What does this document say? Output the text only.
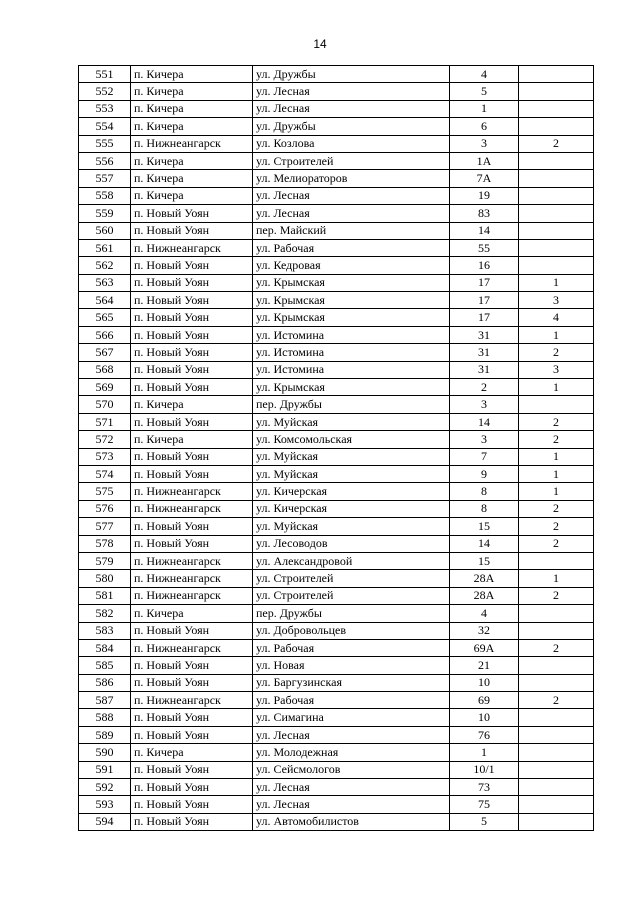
14
551	п. Кичера	ул. Дружбы	4	
552	п. Кичера	ул. Лесная	5	
553	п. Кичера	ул. Лесная	1	
554	п. Кичера	ул. Дружбы	6	
555	п. Нижнеангарск	ул. Козлова	3	2
556	п. Кичера	ул. Строителей	1А	
557	п. Кичера	ул. Мелиораторов	7А	
558	п. Кичера	ул. Лесная	19	
559	п. Новый Уоян	ул. Лесная	83	
560	п. Новый Уоян	пер. Майский	14	
561	п. Нижнеангарск	ул. Рабочая	55	
562	п. Новый Уоян	ул. Кедровая	16	
563	п. Новый Уоян	ул. Крымская	17	1
564	п. Новый Уоян	ул. Крымская	17	3
565	п. Новый Уоян	ул. Крымская	17	4
566	п. Новый Уоян	ул. Истомина	31	1
567	п. Новый Уоян	ул. Истомина	31	2
568	п. Новый Уоян	ул. Истомина	31	3
569	п. Новый Уоян	ул. Крымская	2	1
570	п. Кичера	пер. Дружбы	3	
571	п. Новый Уоян	ул. Муйская	14	2
572	п. Кичера	ул. Комсомольская	3	2
573	п. Новый Уоян	ул. Муйская	7	1
574	п. Новый Уоян	ул. Муйская	9	1
575	п. Нижнеангарск	ул. Кичерская	8	1
576	п. Нижнеангарск	ул. Кичерская	8	2
577	п. Новый Уоян	ул. Муйская	15	2
578	п. Новый Уоян	ул. Лесоводов	14	2
579	п. Нижнеангарск	ул. Александровой	15	
580	п. Нижнеангарск	ул. Строителей	28А	1
581	п. Нижнеангарск	ул. Строителей	28А	2
582	п. Кичера	пер. Дружбы	4	
583	п. Новый Уоян	ул. Добровольцев	32	
584	п. Нижнеангарск	ул. Рабочая	69А	2
585	п. Новый Уоян	ул. Новая	21	
586	п. Новый Уоян	ул. Баргузинская	10	
587	п. Нижнеангарск	ул. Рабочая	69	2
588	п. Новый Уоян	ул. Симагина	10	
589	п. Новый Уоян	ул. Лесная	76	
590	п. Кичера	ул. Молодежная	1	
591	п. Новый Уоян	ул. Сейсмологов	10/1	
592	п. Новый Уоян	ул. Лесная	73	
593	п. Новый Уоян	ул. Лесная	75	
594	п. Новый Уоян	ул. Автомобилистов	5	
